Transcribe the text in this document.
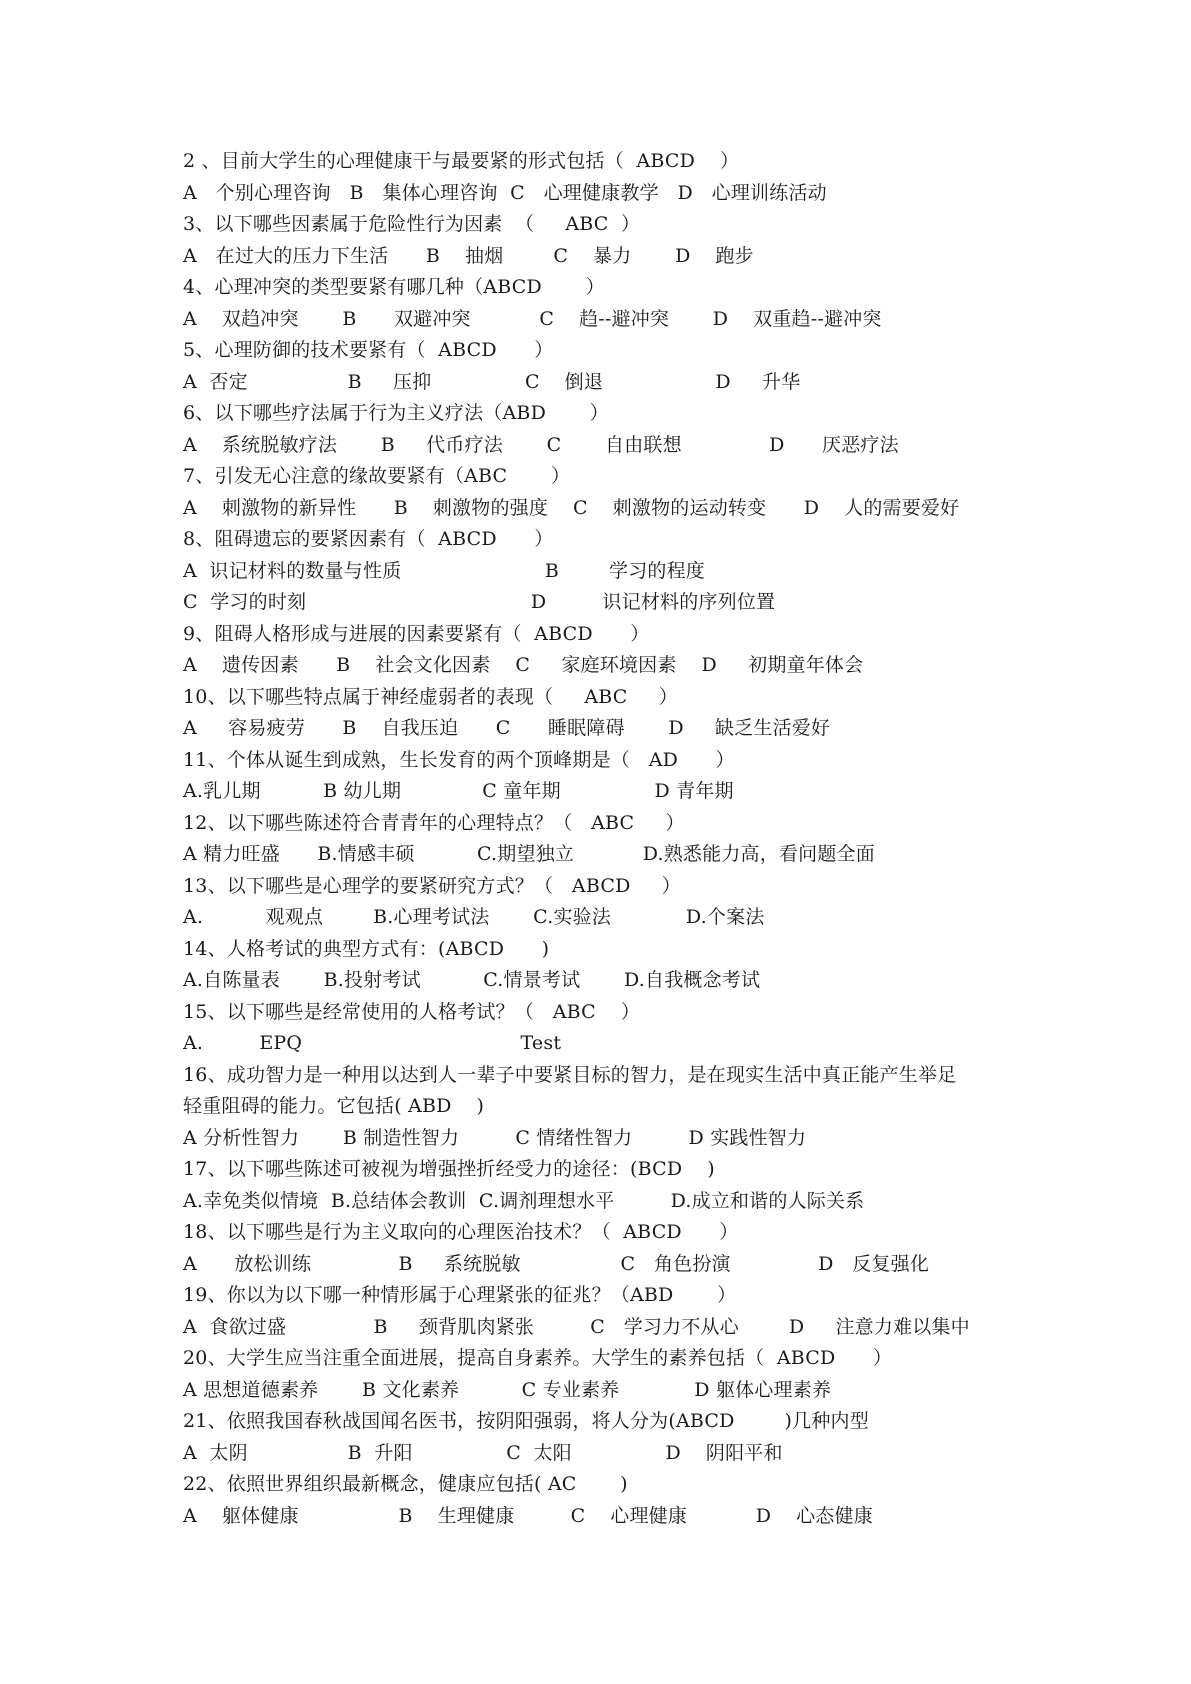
2 、目前大学生的心理健康干与最要紧的形式包括（  ABCD    ）
A   个别心理咨询   B   集体心理咨询  C   心理健康教学   D   心理训练活动
3、以下哪些因素属于危险性行为因素  （     ABC  ）
A   在过大的压力下生活      B    抽烟        C    暴力       D    跑步
4、心理冲突的类型要紧有哪几种（ABCD       ）
A    双趋冲突       B      双避冲突           C    趋--避冲突       D    双重趋--避冲突
5、心理防御的技术要紧有（  ABCD      ）
A  否定                B     压抑               C    倒退                  D     升华
6、以下哪些疗法属于行为主义疗法（ABD       ）
A    系统脱敏疗法       B     代币疗法       C       自由联想              D      厌恶疗法
7、引发无心注意的缘故要紧有（ABC       ）
A    刺激物的新异性      B    刺激物的强度    C    刺激物的运动转变      D    人的需要爱好
8、阻碍遗忘的要紧因素有（  ABCD      ）
A  识记材料的数量与性质                       B        学习的程度
C  学习的时刻                                    D         识记材料的序列位置
9、阻碍人格形成与进展的因素要紧有（  ABCD      ）
A    遗传因素      B    社会文化因素    C     家庭环境因素    D     初期童年体会
10、以下哪些特点属于神经虚弱者的表现（     ABC     ）
A     容易疲劳      B    自我压迫      C      睡眠障碍       D     缺乏生活爱好
11、个体从诞生到成熟，生长发育的两个顶峰期是（   AD      ）
A.乳儿期          B 幼儿期             C 童年期               D 青年期
12、以下哪些陈述符合青青年的心理特点？（   ABC     ）
A 精力旺盛      B.情感丰硕          C.期望独立           D.熟悉能力高，看问题全面
13、以下哪些是心理学的要紧研究方式？（   ABCD     ）
A.          观观点        B.心理考试法       C.实验法            D.个案法
14、人格考试的典型方式有：(ABCD      )
A.自陈量表       B.投射考试          C.情景考试       D.自我概念考试
15、以下哪些是经常使用的人格考试？（   ABC    ）
A.         EPQ                                   Test
16、成功智力是一种用以达到人一辈子中要紧目标的智力，是在现实生活中真正能产生举足
轻重阻碍的能力。它包括( ABD    )
A 分析性智力       B 制造性智力         C 情绪性智力         D 实践性智力
17、以下哪些陈述可被视为增强挫折经受力的途径：(BCD    )
A.幸免类似情境  B.总结体会教训  C.调剂理想水平         D.成立和谐的人际关系
18、以下哪些是行为主义取向的心理医治技术？（  ABCD      ）
A      放松训练              B     系统脱敏                C   角色扮演              D   反复强化
19、你以为以下哪一种情形属于心理紧张的征兆？（ABD       ）
A  食欲过盛              B     颈背肌肉紧张         C   学习力不从心        D     注意力难以集中
20、大学生应当注重全面进展，提高自身素养。大学生的素养包括（  ABCD      ）
A 思想道德素养       B 文化素养          C 专业素养            D 躯体心理素养
21、依照我国春秋战国闻名医书，按阴阳强弱，将人分为(ABCD        )几种内型
A  太阴                B  升阳               C  太阳               D    阴阳平和
22、依照世界组织最新概念，健康应包括( AC       )
A    躯体健康                B    生理健康         C    心理健康           D    心态健康
